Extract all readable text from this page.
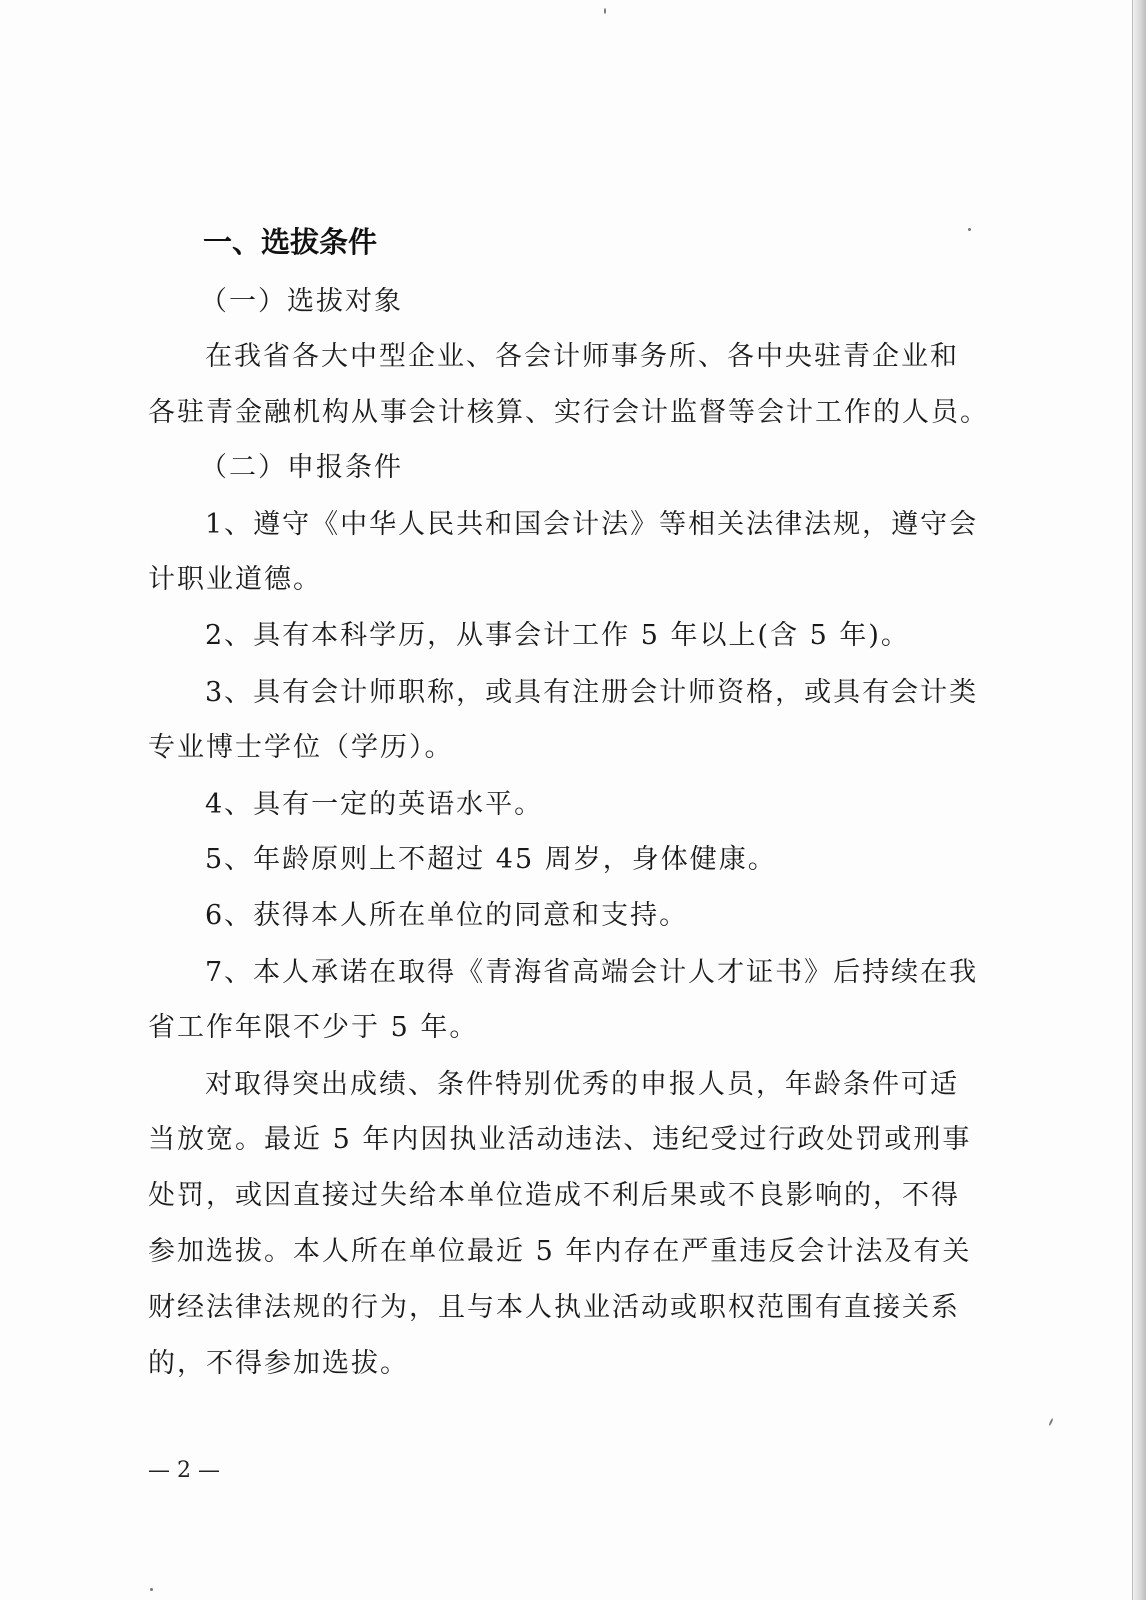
一、选拔条件
（一）选拔对象
在我省各大中型企业、各会计师事务所、各中央驻青企业和
各驻青金融机构从事会计核算、实行会计监督等会计工作的人员。
（二）申报条件
1、遵守《中华人民共和国会计法》等相关法律法规，遵守会
计职业道德。
2、具有本科学历，从事会计工作 5 年以上(含 5 年)。
3、具有会计师职称，或具有注册会计师资格，或具有会计类
专业博士学位（学历）。
4、具有一定的英语水平。
5、年龄原则上不超过 45 周岁，身体健康。
6、获得本人所在单位的同意和支持。
7、本人承诺在取得《青海省高端会计人才证书》后持续在我
省工作年限不少于 5 年。
对取得突出成绩、条件特别优秀的申报人员，年龄条件可适
当放宽。最近 5 年内因执业活动违法、违纪受过行政处罚或刑事
处罚，或因直接过失给本单位造成不利后果或不良影响的，不得
参加选拔。本人所在单位最近 5 年内存在严重违反会计法及有关
财经法律法规的行为，且与本人执业活动或职权范围有直接关系
的，不得参加选拔。
— 2 —
